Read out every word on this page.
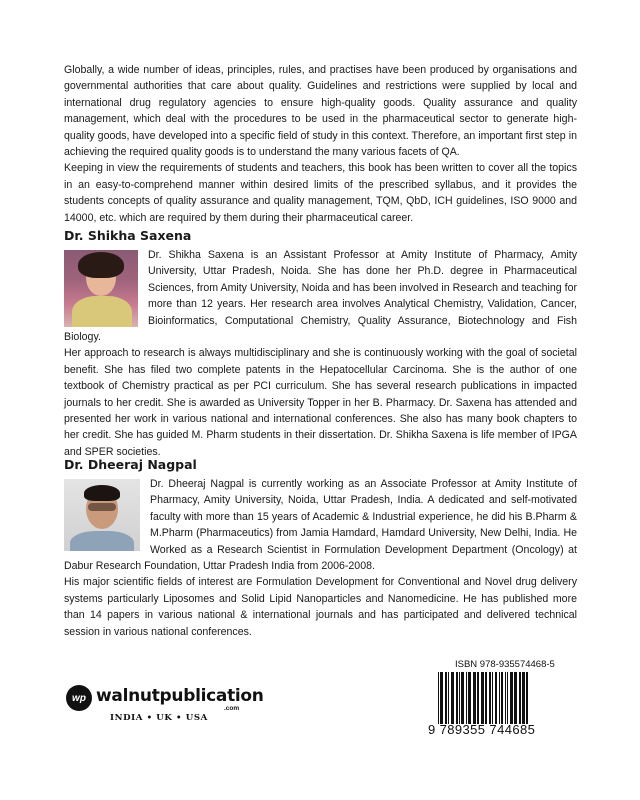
Globally, a wide number of ideas, principles, rules, and practises have been produced by organisations and governmental authorities that care about quality. Guidelines and restrictions were supplied by local and international drug regulatory agencies to ensure high-quality goods. Quality assurance and quality management, which deal with the procedures to be used in the pharmaceutical sector to generate high-quality goods, have developed into a specific field of study in this context. Therefore, an important first step in achieving the required quality goods is to understand the many various facets of QA.

Keeping in view the requirements of students and teachers, this book has been written to cover all the topics in an easy-to-comprehend manner within desired limits of the prescribed syllabus, and it provides the students concepts of quality assurance and quality management, TQM, QbD, ICH guidelines, ISO 9000 and 14000, etc. which are required by them during their pharmaceutical career.

Dr. Shikha Saxena

Dr. Shikha Saxena is an Assistant Professor at Amity Institute of Pharmacy, Amity University, Uttar Pradesh, Noida. She has done her Ph.D. degree in Pharmaceutical Sciences, from Amity University, Noida and has been involved in Research and teaching for more than 12 years. Her research area involves Analytical Chemistry, Validation, Cancer, Bioinformatics, Computational Chemistry, Quality Assurance, Biotechnology and Fish Biology.

Her approach to research is always multidisciplinary and she is continuously working with the goal of societal benefit. She has filed two complete patents in the Hepatocellular Carcinoma. She is the author of one textbook of Chemistry practical as per PCI curriculum. She has several research publications in impacted journals to her credit. She is awarded as University Topper in her B. Pharmacy. Dr. Saxena has attended and presented her work in various national and international conferences. She also has many book chapters to her credit. She has guided M. Pharm students in their dissertation. Dr. Shikha Saxena is life member of IPGA and SPER societies.

Dr. Dheeraj Nagpal

Dr. Dheeraj Nagpal is currently working as an Associate Professor at Amity Institute of Pharmacy, Amity University, Noida, Uttar Pradesh, India. A dedicated and self-motivated faculty with more than 15 years of Academic & Industrial experience, he did his B.Pharm & M.Pharm (Pharmaceutics) from Jamia Hamdard, Hamdard University, New Delhi, India. He Worked as a Research Scientist in Formulation Development Department (Oncology) at Dabur Research Foundation, Uttar Pradesh India from 2006-2008.

His major scientific fields of interest are Formulation Development for Conventional and Novel drug delivery systems particularly Liposomes and Solid Lipid Nanoparticles and Nanomedicine. He has published more than 14 papers in various national & international journals and has participated and delivered technical session in various national conferences.

wp walnutpublication
.com
INDIA • UK • USA
ISBN 978-935574468-5
9 789355 744685
